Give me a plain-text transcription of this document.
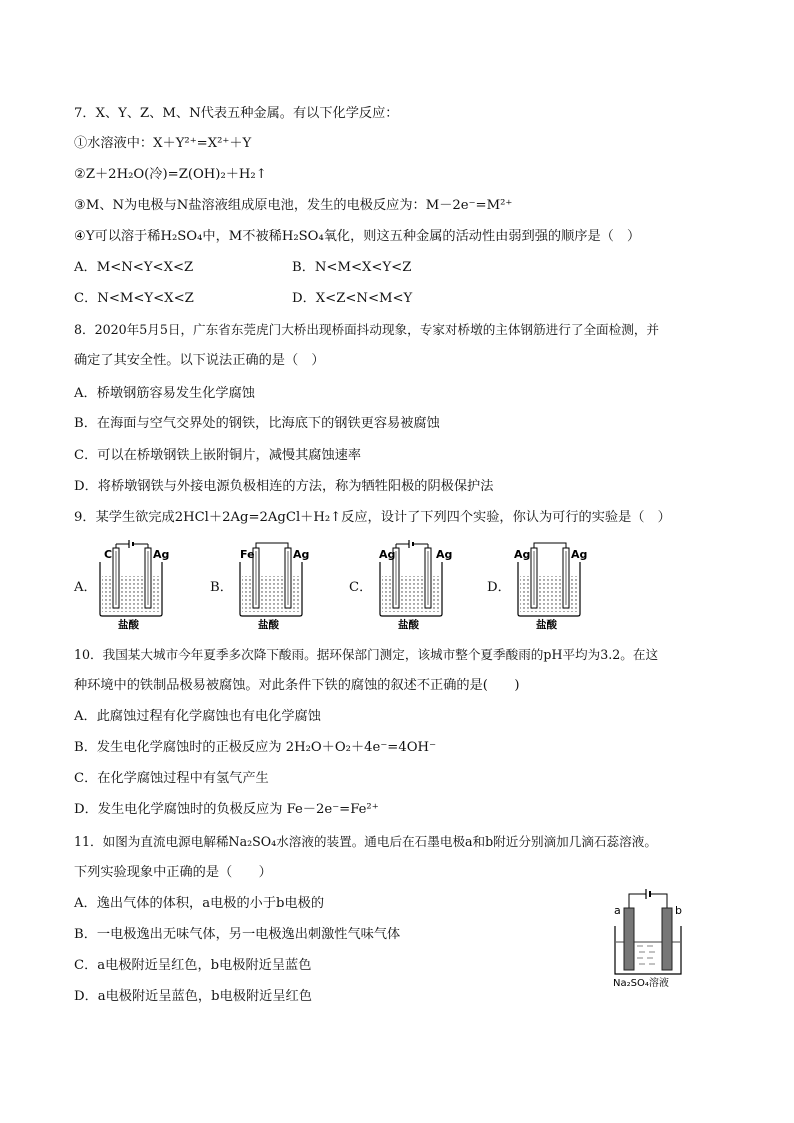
7．X、Y、Z、M、N代表五种金属。有以下化学反应：
①水溶液中：X＋Y²⁺=X²⁺＋Y
②Z＋2H₂O(冷)=Z(OH)₂＋H₂↑
③M、N为电极与N盐溶液组成原电池，发生的电极反应为：M－2e⁻=M²⁺
④Y可以溶于稀H₂SO₄中，M不被稀H₂SO₄氧化，则这五种金属的活动性由弱到强的顺序是（　）
A．M<N<Y<X<Z	B．N<M<X<Y<Z
C．N<M<Y<X<Z	D．X<Z<N<M<Y
8．2020年5月5日，广东省东莞虎门大桥出现桥面抖动现象，专家对桥墩的主体钢筋进行了全面检测，并
确定了其安全性。以下说法正确的是（　）
A．桥墩钢筋容易发生化学腐蚀
B．在海面与空气交界处的钢铁，比海底下的钢铁更容易被腐蚀
C．可以在桥墩钢铁上嵌附铜片，减慢其腐蚀速率
D．将桥墩钢铁与外接电源负极相连的方法，称为牺牲阳极的阴极保护法
9．某学生欲完成2HCl＋2Ag=2AgCl＋H₂↑反应，设计了下列四个实验，你认为可行的实验是（　）
A．	B．	C．	D．
C	Ag
盐酸
Fe	Ag
盐酸
Ag	Ag
盐酸
Ag	Ag
盐酸
10．我国某大城市今年夏季多次降下酸雨。据环保部门测定，该城市整个夏季酸雨的pH平均为3.2。在这
种环境中的铁制品极易被腐蚀。对此条件下铁的腐蚀的叙述不正确的是(　　)
A．此腐蚀过程有化学腐蚀也有电化学腐蚀
B．发生电化学腐蚀时的正极反应为 2H₂O＋O₂＋4e⁻=4OH⁻
C．在化学腐蚀过程中有氢气产生
D．发生电化学腐蚀时的负极反应为 Fe－2e⁻=Fe²⁺
11．如图为直流电源电解稀Na₂SO₄水溶液的装置。通电后在石墨电极a和b附近分别滴加几滴石蕊溶液。
下列实验现象中正确的是（　　）
A．逸出气体的体积，a电极的小于b电极的
B．一电极逸出无味气体，另一电极逸出刺激性气味气体
C．a电极附近呈红色，b电极附近呈蓝色
D．a电极附近呈蓝色，b电极附近呈红色
a	b
Na₂SO₄溶液
